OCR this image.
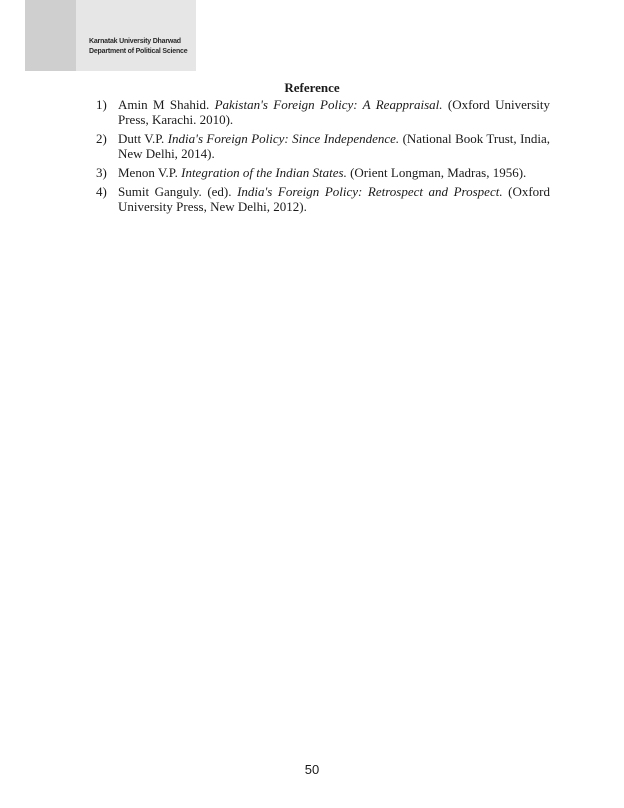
Karnatak University Dharwad
Department of Political Science
Reference
1) Amin M Shahid. Pakistan's Foreign Policy: A Reappraisal. (Oxford University Press, Karachi. 2010).
2) Dutt V.P. India's Foreign Policy: Since Independence. (National Book Trust, India, New Delhi, 2014).
3) Menon V.P. Integration of the Indian States. (Orient Longman, Madras, 1956).
4) Sumit Ganguly. (ed). India's Foreign Policy: Retrospect and Prospect. (Oxford University Press, New Delhi, 2012).
50
